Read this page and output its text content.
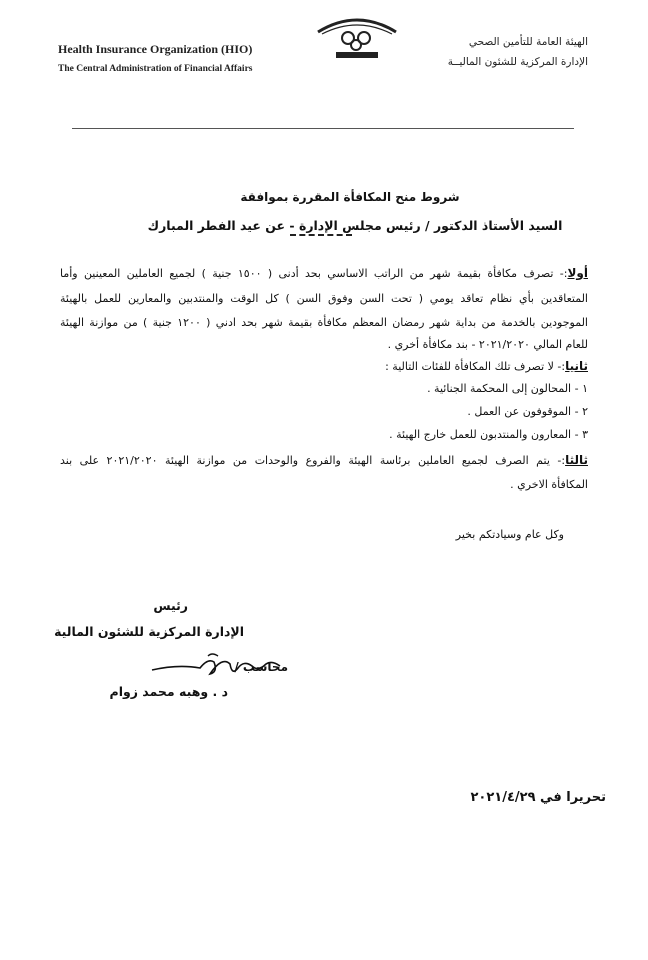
Health Insurance Organization (HIO)
The Central Administration of Financial Affairs
الهيئة العامة للتأمين الصحي
الإدارة المركزية للشئون الماليــة
شروط منح المكافأة المقررة بموافقة
السيد الأستاذ الدكتور / رئيس مجلس الإدارة - عن عيد الفطر المبارك
أولا:- تصرف مكافأة بقيمة شهر من الراتب الاساسي بحد أدنى ( ١٥٠٠ جنية ) لجميع العاملين المعينين وأما
المتعاقدين بأي نظام تعاقد يومي ( تحت السن وفوق السن ) كل الوقت والمنتدبين والمعارين للعمل بالهيئة
الموجودين بالخدمة من بداية شهر رمضان المعظم مكافأة بقيمة شهر بحد ادني ( ١٢٠٠ جنية ) من موازنة الهيئة
للعام المالي ٢٠٢١/٢٠٢٠ - بند مكافأة أخري .
ثانيا:- لا تصرف تلك المكافأة للفئات التالية :
١ - المحالون إلى المحكمة الجنائية .
٢ - الموقوفون عن العمل .
٣ - المعارون والمنتدبون للعمل خارج الهيئة .
ثالثا:- يتم الصرف لجميع العاملين برئاسة الهيئة والفروع والوحدات من موازنة الهيئة ٢٠٢١/٢٠٢٠ على بند
المكافأة الاخري .
وكل عام وسيادتكم بخير
رئيس
الإدارة المركزية للشئون المالية
محاسب /
د . وهبه محمد زوام
تحريرا في ٢٠٢١/٤/٢٩
